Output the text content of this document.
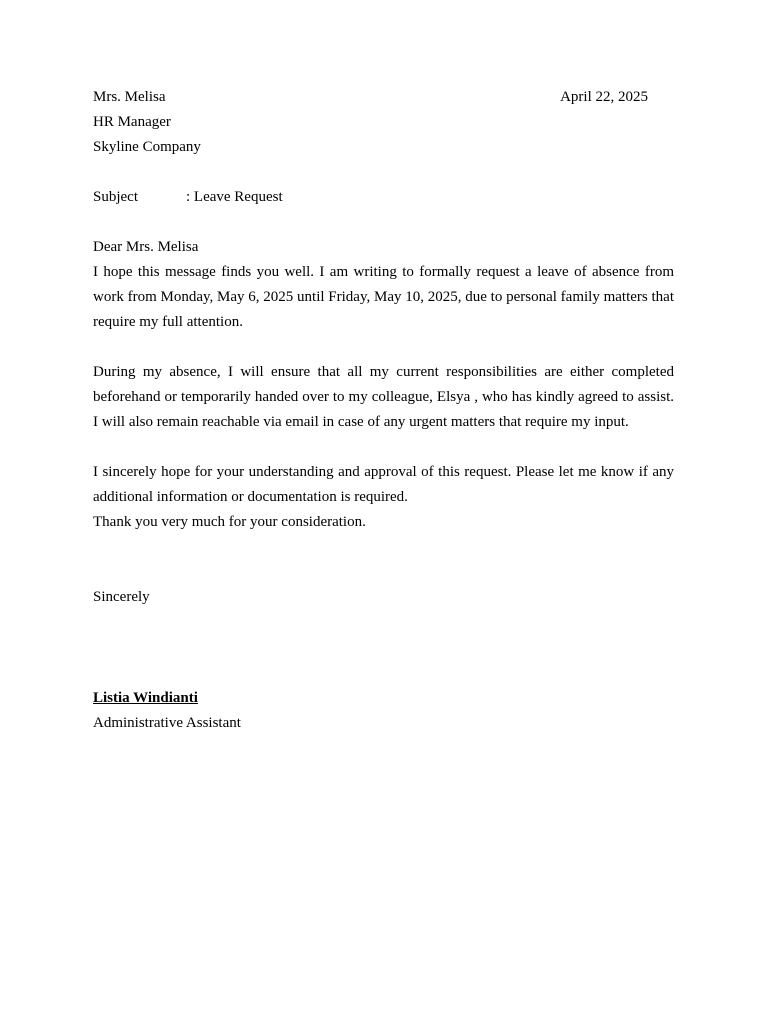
Mrs. Melisa	April 22, 2025
HR Manager
Skyline Company
Subject	: Leave Request
Dear Mrs. Melisa

I hope this message finds you well. I am writing to formally request a leave of absence from work from Monday, May 6, 2025 until Friday, May 10, 2025, due to personal family matters that require my full attention.

During my absence, I will ensure that all my current responsibilities are either completed beforehand or temporarily handed over to my colleague, Elsya , who has kindly agreed to assist. I will also remain reachable via email in case of any urgent matters that require my input.

I sincerely hope for your understanding and approval of this request. Please let me know if any additional information or documentation is required.

Thank you very much for your consideration.
Sincerely
Listia Windianti
Administrative Assistant
